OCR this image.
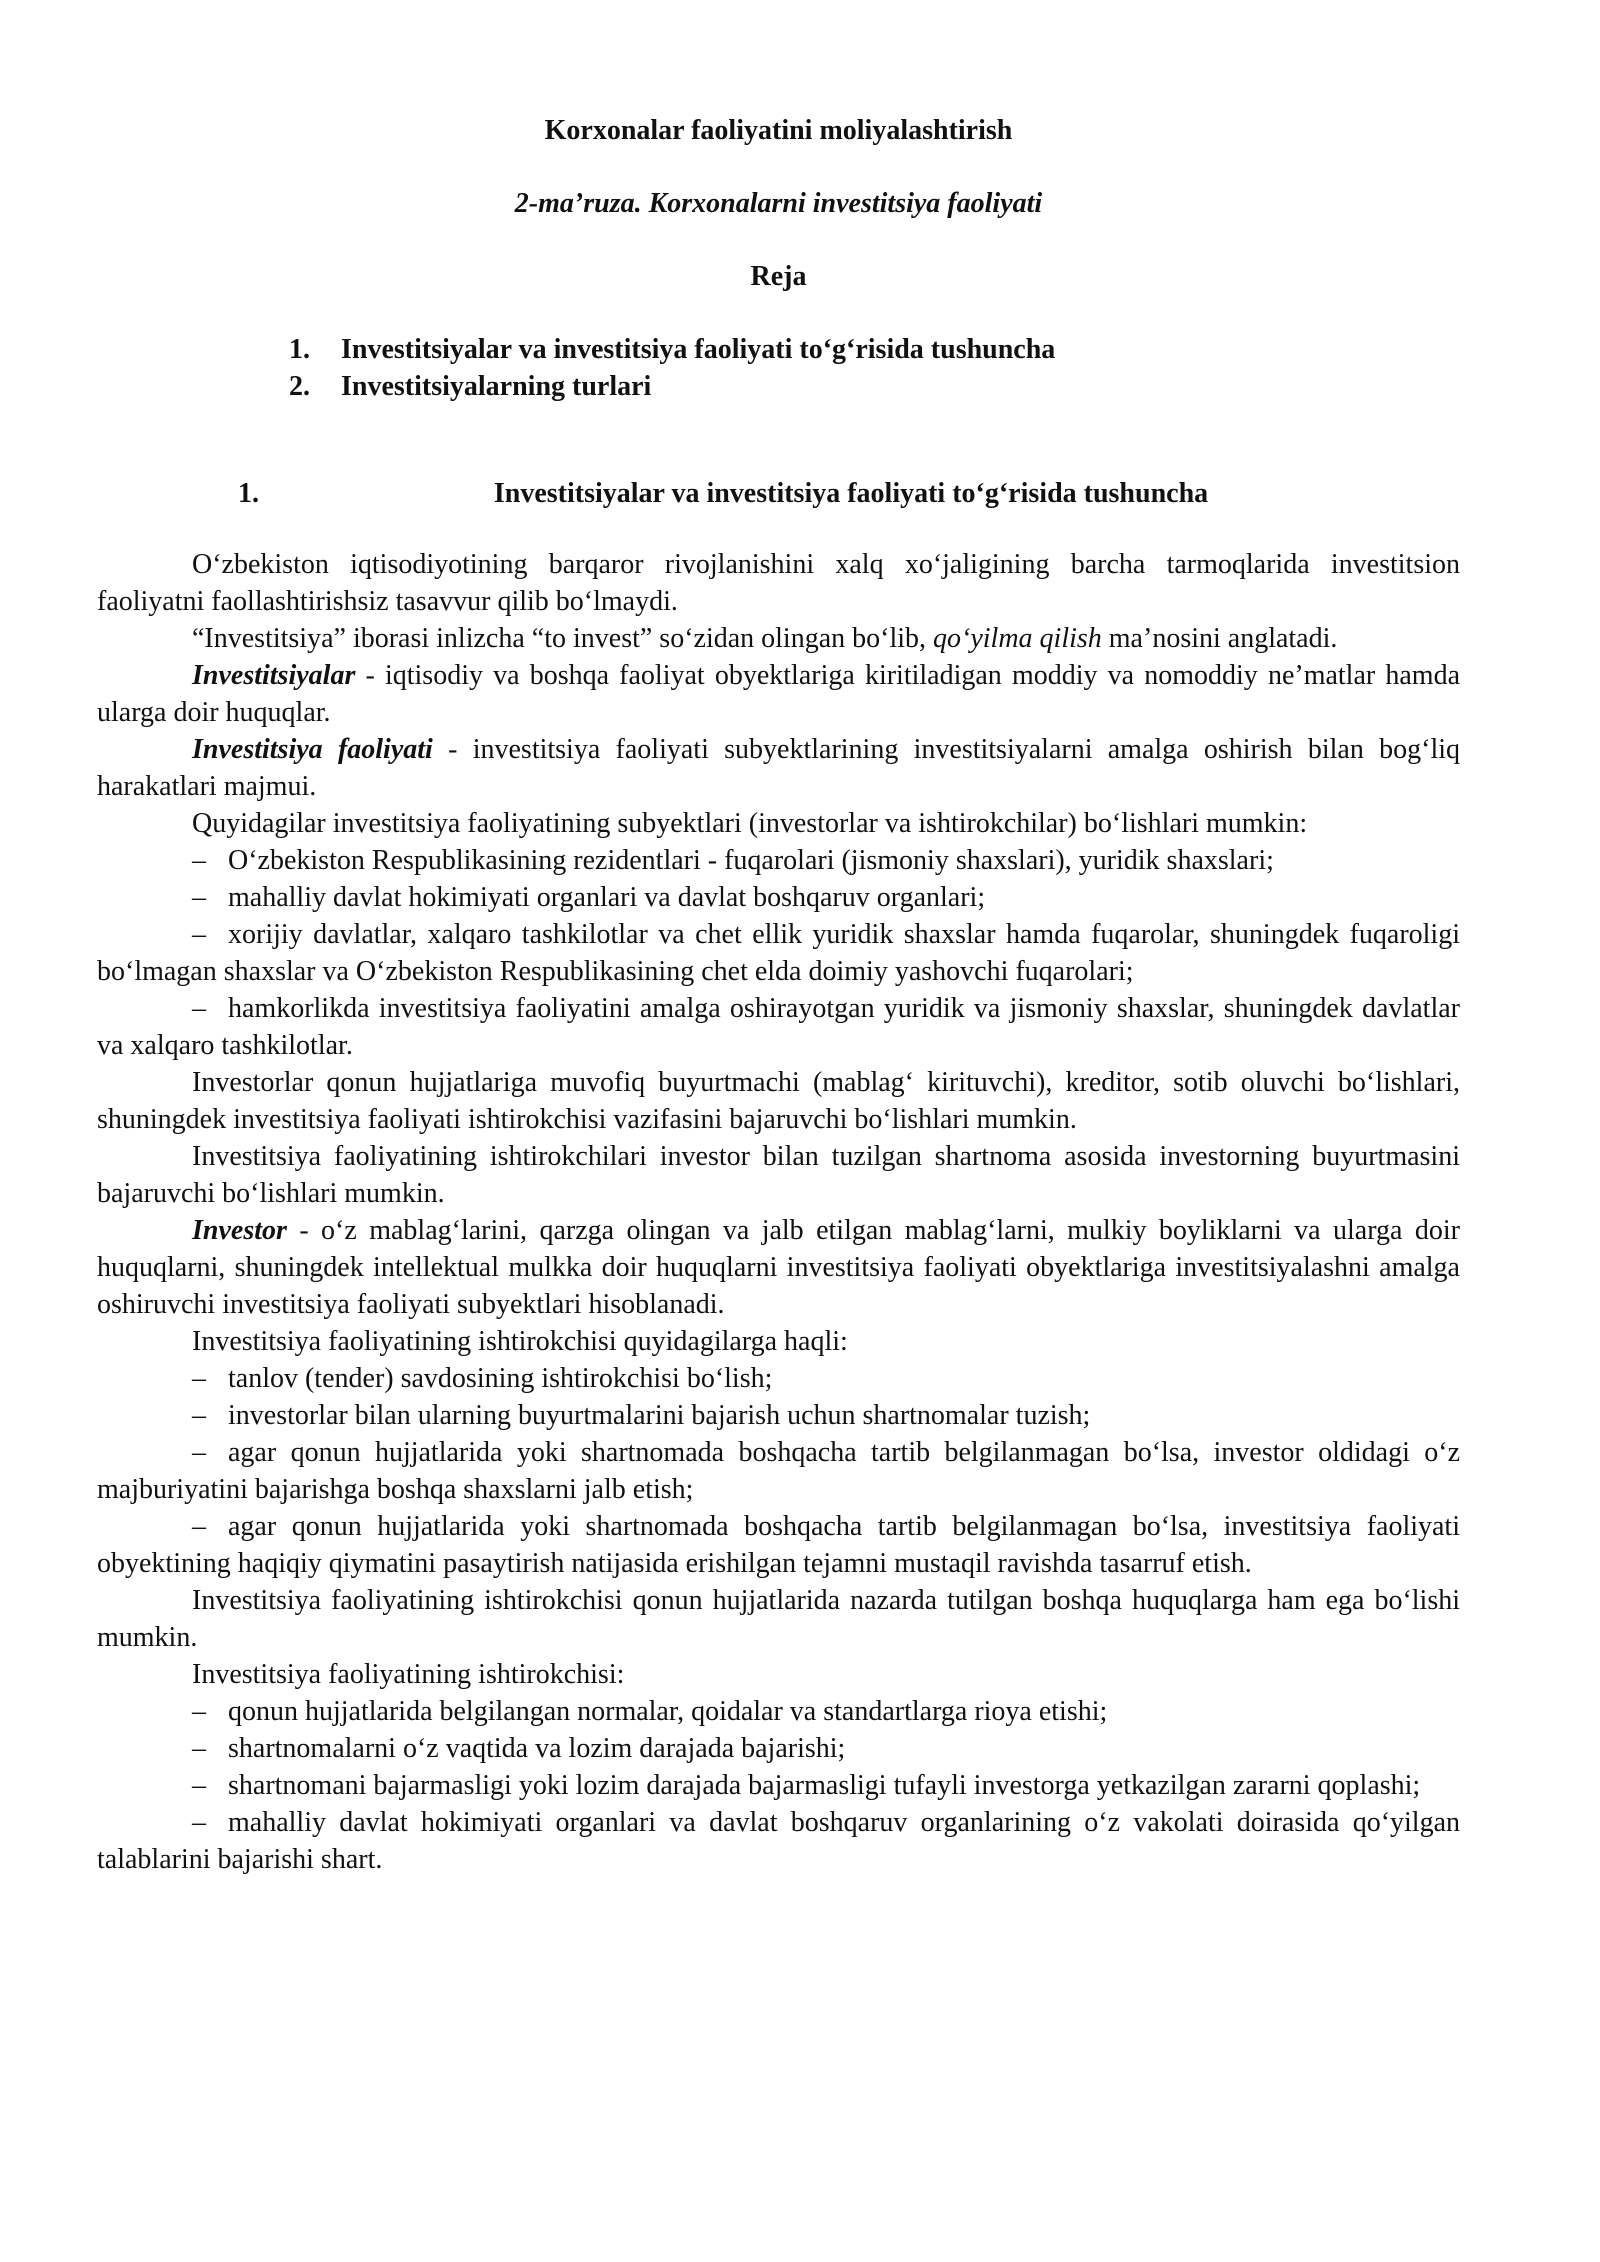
Korxonalar faoliyatini moliyalashtirish
2-ma’ruza. Korxonalarni investitsiya faoliyati
Reja
1.	Investitsiyalar va investitsiya faoliyati to‘g‘risida tushuncha
2.	Investitsiyalarning turlari
1.	Investitsiyalar va investitsiya faoliyati to‘g‘risida tushuncha

O‘zbekiston iqtisodiyotining barqaror rivojlanishini xalq xo‘jaligining barcha tarmoqlarida investitsion faoliyatni faollashtirishsiz tasavvur qilib bo‘lmaydi.

“Investitsiya” iborasi inlizcha “to invest” so‘zidan olingan bo‘lib, qo‘yilma qilish ma’nosini anglatadi.

Investitsiyalar - iqtisodiy va boshqa faoliyat obyektlariga kiritiladigan moddiy va nomoddiy ne’matlar hamda ularga doir huquqlar.

Investitsiya faoliyati - investitsiya faoliyati subyektlarining investitsiyalarni amalga oshirish bilan bog‘liq harakatlari majmui.

Quyidagilar investitsiya faoliyatining subyektlari (investorlar va ishtirokchilar) bo‘lishlari mumkin:

– O‘zbekiston Respublikasining rezidentlari - fuqarolari (jismoniy shaxslari), yuridik shaxslari;

– mahalliy davlat hokimiyati organlari va davlat boshqaruv organlari;

– xorijiy davlatlar, xalqaro tashkilotlar va chet ellik yuridik shaxslar hamda fuqarolar, shuningdek fuqaroligi bo‘lmagan shaxslar va O‘zbekiston Respublikasining chet elda doimiy yashovchi fuqarolari;

– hamkorlikda investitsiya faoliyatini amalga oshirayotgan yuridik va jismoniy shaxslar, shuningdek davlatlar va xalqaro tashkilotlar.

Investorlar qonun hujjatlariga muvofiq buyurtmachi (mablag‘ kirituvchi), kreditor, sotib oluvchi bo‘lishlari, shuningdek investitsiya faoliyati ishtirokchisi vazifasini bajaruvchi bo‘lishlari mumkin.

Investitsiya faoliyatining ishtirokchilari investor bilan tuzilgan shartnoma asosida investorning buyurtmasini bajaruvchi bo‘lishlari mumkin.

Investor - o‘z mablag‘larini, qarzga olingan va jalb etilgan mablag‘larni, mulkiy boyliklarni va ularga doir huquqlarni, shuningdek intellektual mulkka doir huquqlarni investitsiya faoliyati obyektlariga investitsiyalashni amalga oshiruvchi investitsiya faoliyati subyektlari hisoblanadi.

Investitsiya faoliyatining ishtirokchisi quyidagilarga haqli:

– tanlov (tender) savdosining ishtirokchisi bo‘lish;

– investorlar bilan ularning buyurtmalarini bajarish uchun shartnomalar tuzish;

– agar qonun hujjatlarida yoki shartnomada boshqacha tartib belgilanmagan bo‘lsa, investor oldidagi o‘z majburiyatini bajarishga boshqa shaxslarni jalb etish;

– agar qonun hujjatlarida yoki shartnomada boshqacha tartib belgilanmagan bo‘lsa, investitsiya faoliyati obyektining haqiqiy qiymatini pasaytirish natijasida erishilgan tejamni mustaqil ravishda tasarruf etish.

Investitsiya faoliyatining ishtirokchisi qonun hujjatlarida nazarda tutilgan boshqa huquqlarga ham ega bo‘lishi mumkin.

Investitsiya faoliyatining ishtirokchisi:

– qonun hujjatlarida belgilangan normalar, qoidalar va standartlarga rioya etishi;

– shartnomalarni o‘z vaqtida va lozim darajada bajarishi;

– shartnomani bajarmasligi yoki lozim darajada bajarmasligi tufayli investorga yetkazilgan zararni qoplashi;

– mahalliy davlat hokimiyati organlari va davlat boshqaruv organlarining o‘z vakolati doirasida qo‘yilgan talablarini bajarishi shart.
